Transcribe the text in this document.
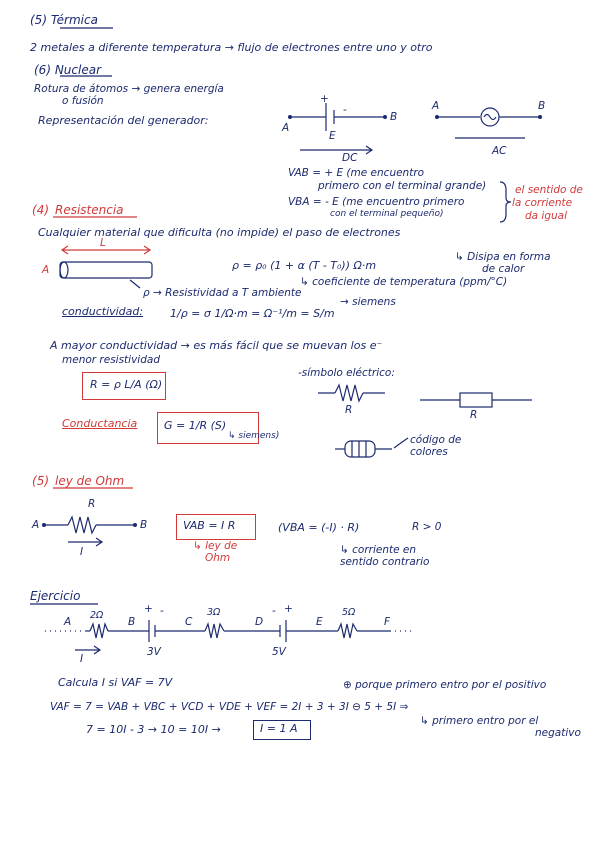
(5) Térmica
2 metales a diferente temperatura → flujo de electrones entre uno y otro
(6) Nuclear
Rotura de átomos → genera energía
o fusión
Representación del generador:
+
-
A
B
E
DC
A	B
AC
VAB = + E (me encuentro
primero con el terminal grande)
VBA = - E (me encuentro primero
con el terminal pequeño)
el sentido de
la corriente
da igual
(4) Resistencia
Cualquier material que dificulta (no impide) el paso de electrones
↳ Disipa en forma
de calor
A
L
ρ = ρ₀ (1 + α (T - T₀)) Ω·m
↳ coeficiente de temperatura (ppm/°C)
ρ → Resistividad a T ambiente
conductividad: 1/ρ = σ 1/Ω·m = Ω⁻¹/m = S/m
→ siemens
A mayor conductividad → es más fácil que se muevan los e⁻
menor resistividad
R = ρ L/A (Ω)
-símbolo eléctrico:
R	R
Conductancia G = 1/R (S)
↳ siemens)	código de
colores
(5) ley de Ohm
R
A	B
I
VAB = I R
↳ ley de
Ohm
(VBA = (-I) · R)	R > 0
↳ corriente en
sentido contrario
Ejercicio
A	B	C	D	E	F
2Ω	3Ω	5Ω
+ -	- +
3V	5V
I
Calcula I si VAF = 7V	⊕ porque primero entro por el positivo
VAF = 7 = VAB + VBC + VCD + VDE + VEF = 2I + 3 + 3I ⊖ 5 + 5I ⇒
↳ primero entro por el
negativo
7 = 10I - 3 → 10 = 10I →	I = 1 A
